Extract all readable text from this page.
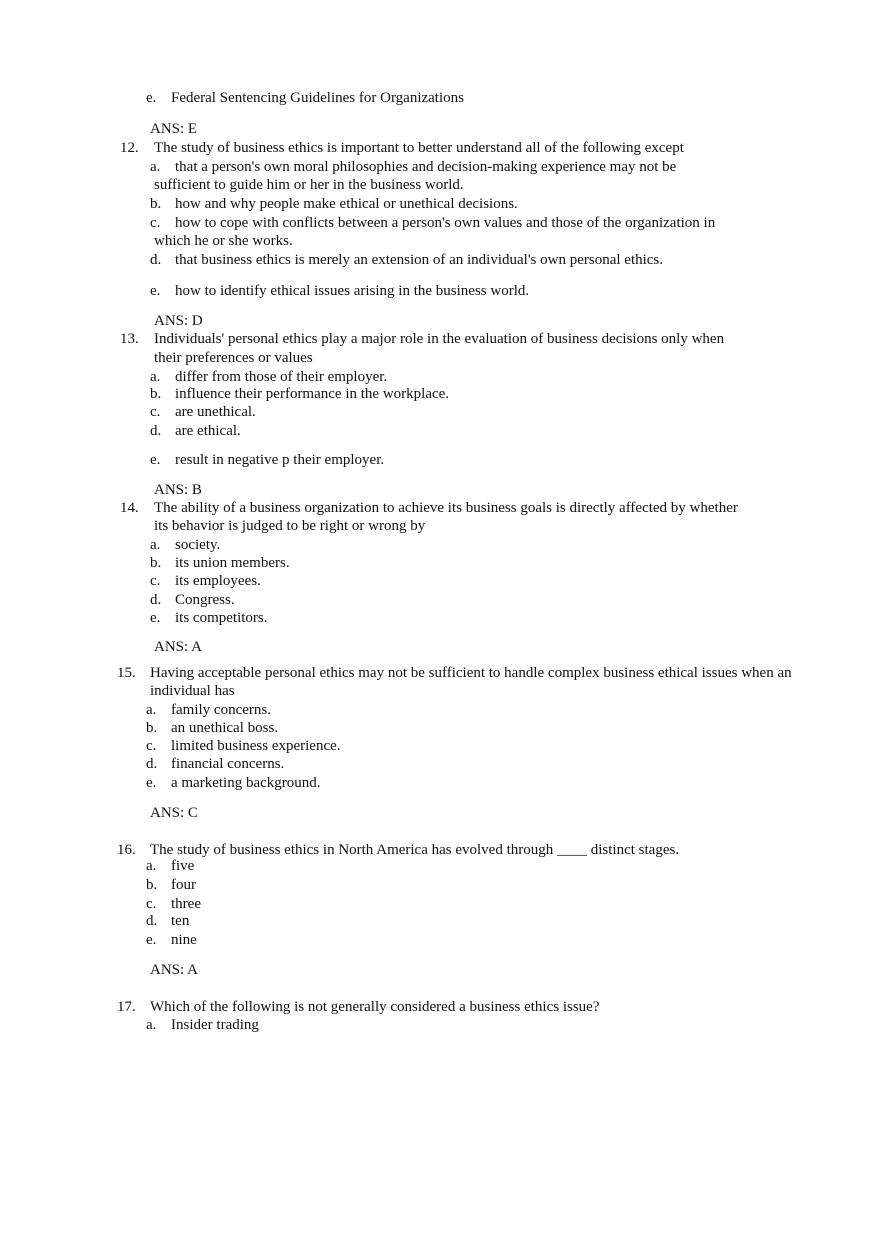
e. Federal Sentencing Guidelines for Organizations
ANS: E
12. The study of business ethics is important to better understand all of the following except
a. that a person's own moral philosophies and decision-making experience may not be
sufficient to guide him or her in the business world.
b. how and why people make ethical or unethical decisions.
c. how to cope with conflicts between a person's own values and those of the organization in
which he or she works.
d. that business ethics is merely an extension of an individual's own personal ethics.
e. how to identify ethical issues arising in the business world.
ANS: D
13. Individuals' personal ethics play a major role in the evaluation of business decisions only when
their preferences or values
a. differ from those of their employer.
b. influence their performance in the workplace.
c. are unethical.
d. are ethical.
e. result in negative p their employer.
ANS: B
14. The ability of a business organization to achieve its business goals is directly affected by whether
its behavior is judged to be right or wrong by
a. society.
b. its union members.
c. its employees.
d. Congress.
e. its competitors.
ANS: A
15. Having acceptable personal ethics may not be sufficient to handle complex business ethical issues when an
individual has
a. family concerns.
b. an unethical boss.
c. limited business experience.
d. financial concerns.
e. a marketing background.
ANS: C
16. The study of business ethics in North America has evolved through ____ distinct stages.
a. five
b. four
c. three
d. ten
e. nine
ANS: A
17. Which of the following is not generally considered a business ethics issue?
a. Insider trading
